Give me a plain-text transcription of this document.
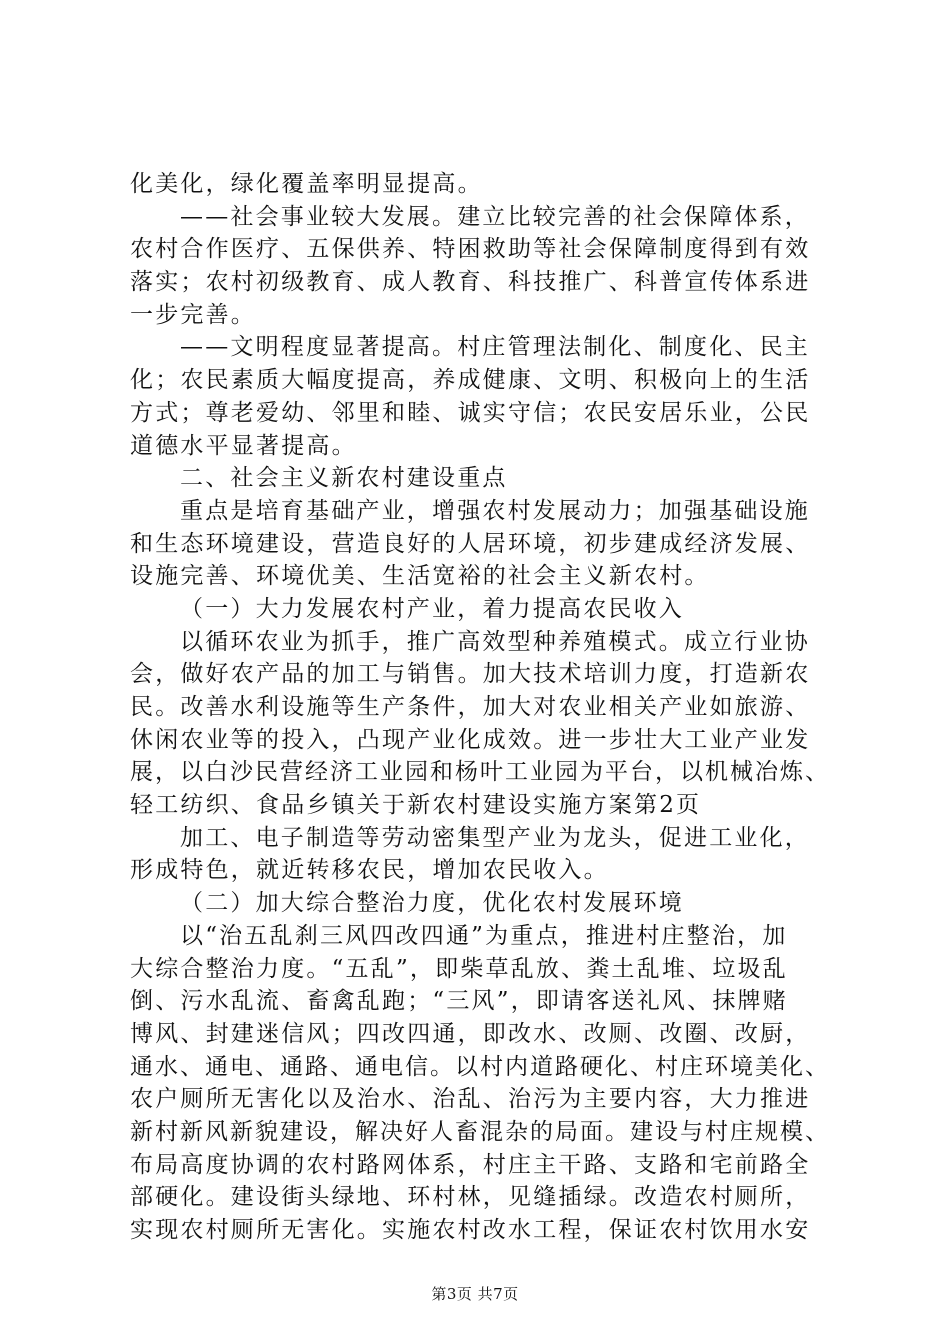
化美化，绿化覆盖率明显提高。
——社会事业较大发展。建立比较完善的社会保障体系，
农村合作医疗、五保供养、特困救助等社会保障制度得到有效
落实；农村初级教育、成人教育、科技推广、科普宣传体系进
一步完善。
——文明程度显著提高。村庄管理法制化、制度化、民主
化；农民素质大幅度提高，养成健康、文明、积极向上的生活
方式；尊老爱幼、邻里和睦、诚实守信；农民安居乐业，公民
道德水平显著提高。
二、社会主义新农村建设重点
重点是培育基础产业，增强农村发展动力；加强基础设施
和生态环境建设，营造良好的人居环境，初步建成经济发展、
设施完善、环境优美、生活宽裕的社会主义新农村。
（一）大力发展农村产业，着力提高农民收入
以循环农业为抓手，推广高效型种养殖模式。成立行业协
会，做好农产品的加工与销售。加大技术培训力度，打造新农
民。改善水利设施等生产条件，加大对农业相关产业如旅游、
休闲农业等的投入，凸现产业化成效。进一步壮大工业产业发
展，以白沙民营经济工业园和杨叶工业园为平台，以机械冶炼、
轻工纺织、食品乡镇关于新农村建设实施方案第2页
加工、电子制造等劳动密集型产业为龙头，促进工业化，
形成特色，就近转移农民，增加农民收入。
（二）加大综合整治力度，优化农村发展环境
以“治五乱刹三风四改四通”为重点，推进村庄整治，加
大综合整治力度。“五乱”，即柴草乱放、粪土乱堆、垃圾乱
倒、污水乱流、畜禽乱跑；“三风”，即请客送礼风、抹牌赌
博风、封建迷信风；四改四通，即改水、改厕、改圈、改厨，
通水、通电、通路、通电信。以村内道路硬化、村庄环境美化、
农户厕所无害化以及治水、治乱、治污为主要内容，大力推进
新村新风新貌建设，解决好人畜混杂的局面。建设与村庄规模、
布局高度协调的农村路网体系，村庄主干路、支路和宅前路全
部硬化。建设街头绿地、环村林，见缝插绿。改造农村厕所，
实现农村厕所无害化。实施农村改水工程，保证农村饮用水安
第3页 共7页
